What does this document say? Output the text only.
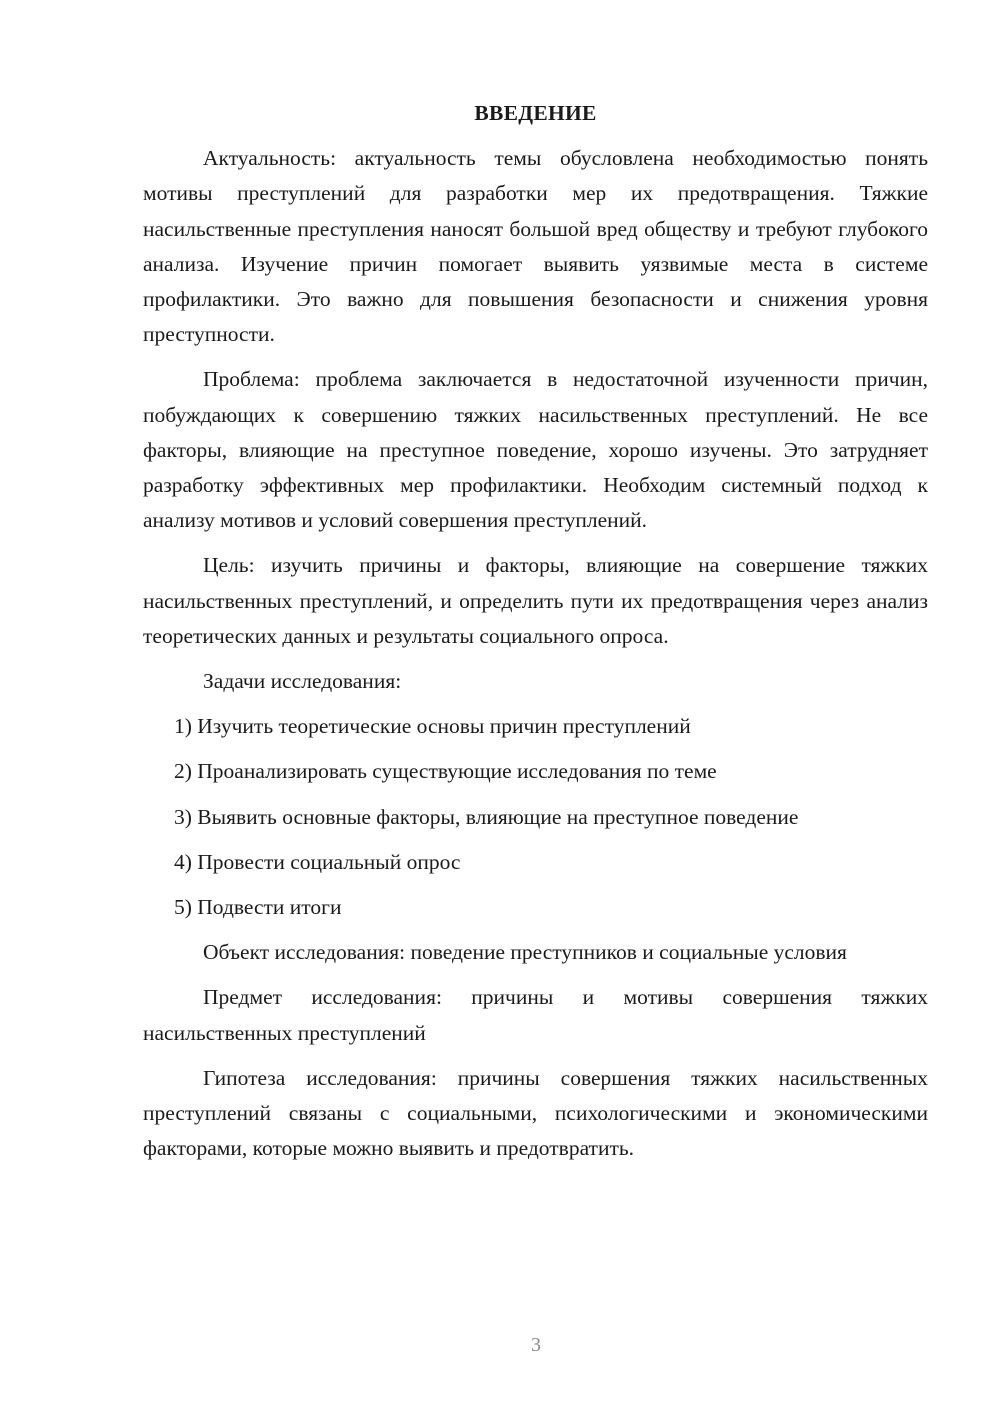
ВВЕДЕНИЕ

Актуальность: актуальность темы обусловлена необходимостью понять мотивы преступлений для разработки мер их предотвращения. Тяжкие насильственные преступления наносят большой вред обществу и требуют глубокого анализа. Изучение причин помогает выявить уязвимые места в системе профилактики. Это важно для повышения безопасности и снижения уровня преступности.

Проблема: проблема заключается в недостаточной изученности причин, побуждающих к совершению тяжких насильственных преступлений. Не все факторы, влияющие на преступное поведение, хорошо изучены. Это затрудняет разработку эффективных мер профилактики. Необходим системный подход к анализу мотивов и условий совершения преступлений.

Цель: изучить причины и факторы, влияющие на совершение тяжких насильственных преступлений, и определить пути их предотвращения через анализ теоретических данных и результаты социального опроса.

Задачи исследования:

1) Изучить теоретические основы причин преступлений

2) Проанализировать существующие исследования по теме

3) Выявить основные факторы, влияющие на преступное поведение

4) Провести социальный опрос

5) Подвести итоги

Объект исследования: поведение преступников и социальные условия

Предмет исследования: причины и мотивы совершения тяжких насильственных преступлений

Гипотеза исследования: причины совершения тяжких насильственных преступлений связаны с социальными, психологическими и экономическими факторами, которые можно выявить и предотвратить.

3
